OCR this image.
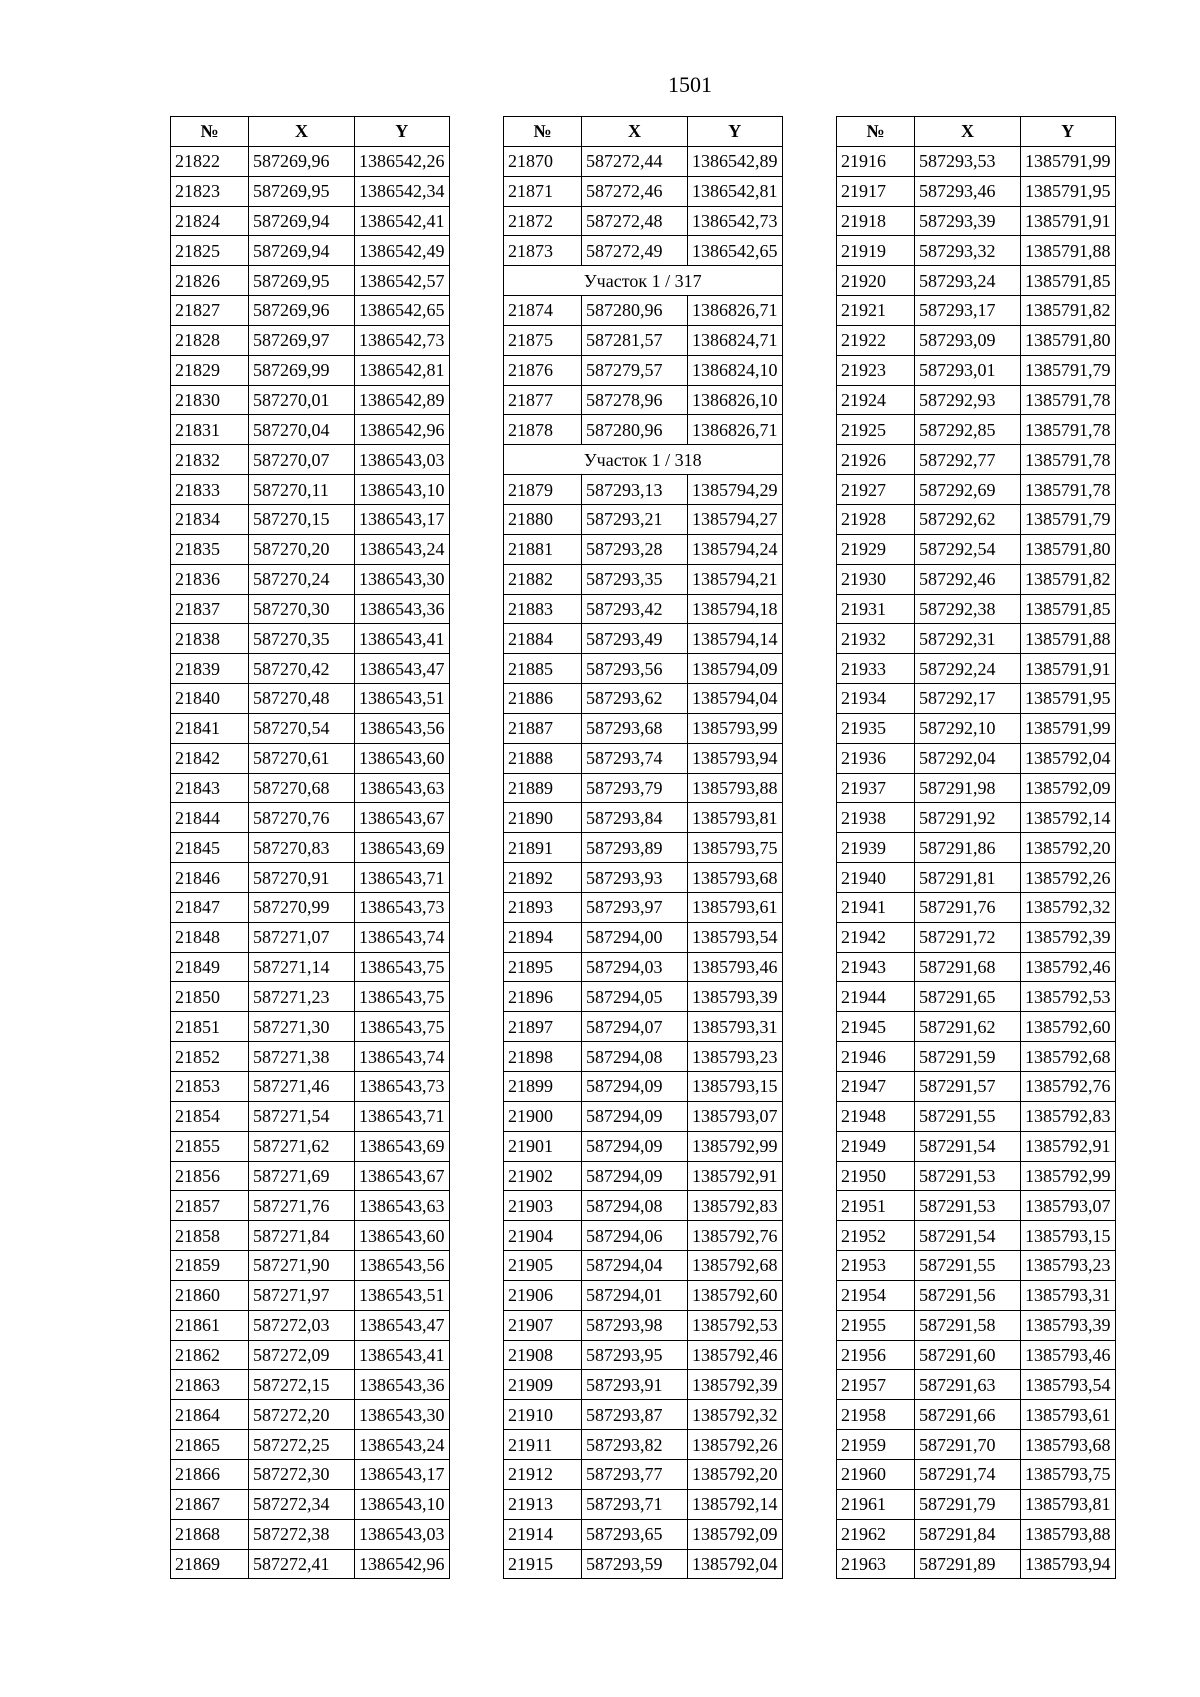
1501
№	X	Y
21822	587269,96	1386542,26
21823	587269,95	1386542,34
21824	587269,94	1386542,41
21825	587269,94	1386542,49
21826	587269,95	1386542,57
21827	587269,96	1386542,65
21828	587269,97	1386542,73
21829	587269,99	1386542,81
21830	587270,01	1386542,89
21831	587270,04	1386542,96
21832	587270,07	1386543,03
21833	587270,11	1386543,10
21834	587270,15	1386543,17
21835	587270,20	1386543,24
21836	587270,24	1386543,30
21837	587270,30	1386543,36
21838	587270,35	1386543,41
21839	587270,42	1386543,47
21840	587270,48	1386543,51
21841	587270,54	1386543,56
21842	587270,61	1386543,60
21843	587270,68	1386543,63
21844	587270,76	1386543,67
21845	587270,83	1386543,69
21846	587270,91	1386543,71
21847	587270,99	1386543,73
21848	587271,07	1386543,74
21849	587271,14	1386543,75
21850	587271,23	1386543,75
21851	587271,30	1386543,75
21852	587271,38	1386543,74
21853	587271,46	1386543,73
21854	587271,54	1386543,71
21855	587271,62	1386543,69
21856	587271,69	1386543,67
21857	587271,76	1386543,63
21858	587271,84	1386543,60
21859	587271,90	1386543,56
21860	587271,97	1386543,51
21861	587272,03	1386543,47
21862	587272,09	1386543,41
21863	587272,15	1386543,36
21864	587272,20	1386543,30
21865	587272,25	1386543,24
21866	587272,30	1386543,17
21867	587272,34	1386543,10
21868	587272,38	1386543,03
21869	587272,41	1386542,96
№	X	Y
21870	587272,44	1386542,89
21871	587272,46	1386542,81
21872	587272,48	1386542,73
21873	587272,49	1386542,65
Участок 1 / 317		
21874	587280,96	1386826,71
21875	587281,57	1386824,71
21876	587279,57	1386824,10
21877	587278,96	1386826,10
21878	587280,96	1386826,71
Участок 1 / 318		
21879	587293,13	1385794,29
21880	587293,21	1385794,27
21881	587293,28	1385794,24
21882	587293,35	1385794,21
21883	587293,42	1385794,18
21884	587293,49	1385794,14
21885	587293,56	1385794,09
21886	587293,62	1385794,04
21887	587293,68	1385793,99
21888	587293,74	1385793,94
21889	587293,79	1385793,88
21890	587293,84	1385793,81
21891	587293,89	1385793,75
21892	587293,93	1385793,68
21893	587293,97	1385793,61
21894	587294,00	1385793,54
21895	587294,03	1385793,46
21896	587294,05	1385793,39
21897	587294,07	1385793,31
21898	587294,08	1385793,23
21899	587294,09	1385793,15
21900	587294,09	1385793,07
21901	587294,09	1385792,99
21902	587294,09	1385792,91
21903	587294,08	1385792,83
21904	587294,06	1385792,76
21905	587294,04	1385792,68
21906	587294,01	1385792,60
21907	587293,98	1385792,53
21908	587293,95	1385792,46
21909	587293,91	1385792,39
21910	587293,87	1385792,32
21911	587293,82	1385792,26
21912	587293,77	1385792,20
21913	587293,71	1385792,14
21914	587293,65	1385792,09
21915	587293,59	1385792,04
№	X	Y
21916	587293,53	1385791,99
21917	587293,46	1385791,95
21918	587293,39	1385791,91
21919	587293,32	1385791,88
21920	587293,24	1385791,85
21921	587293,17	1385791,82
21922	587293,09	1385791,80
21923	587293,01	1385791,79
21924	587292,93	1385791,78
21925	587292,85	1385791,78
21926	587292,77	1385791,78
21927	587292,69	1385791,78
21928	587292,62	1385791,79
21929	587292,54	1385791,80
21930	587292,46	1385791,82
21931	587292,38	1385791,85
21932	587292,31	1385791,88
21933	587292,24	1385791,91
21934	587292,17	1385791,95
21935	587292,10	1385791,99
21936	587292,04	1385792,04
21937	587291,98	1385792,09
21938	587291,92	1385792,14
21939	587291,86	1385792,20
21940	587291,81	1385792,26
21941	587291,76	1385792,32
21942	587291,72	1385792,39
21943	587291,68	1385792,46
21944	587291,65	1385792,53
21945	587291,62	1385792,60
21946	587291,59	1385792,68
21947	587291,57	1385792,76
21948	587291,55	1385792,83
21949	587291,54	1385792,91
21950	587291,53	1385792,99
21951	587291,53	1385793,07
21952	587291,54	1385793,15
21953	587291,55	1385793,23
21954	587291,56	1385793,31
21955	587291,58	1385793,39
21956	587291,60	1385793,46
21957	587291,63	1385793,54
21958	587291,66	1385793,61
21959	587291,70	1385793,68
21960	587291,74	1385793,75
21961	587291,79	1385793,81
21962	587291,84	1385793,88
21963	587291,89	1385793,94
